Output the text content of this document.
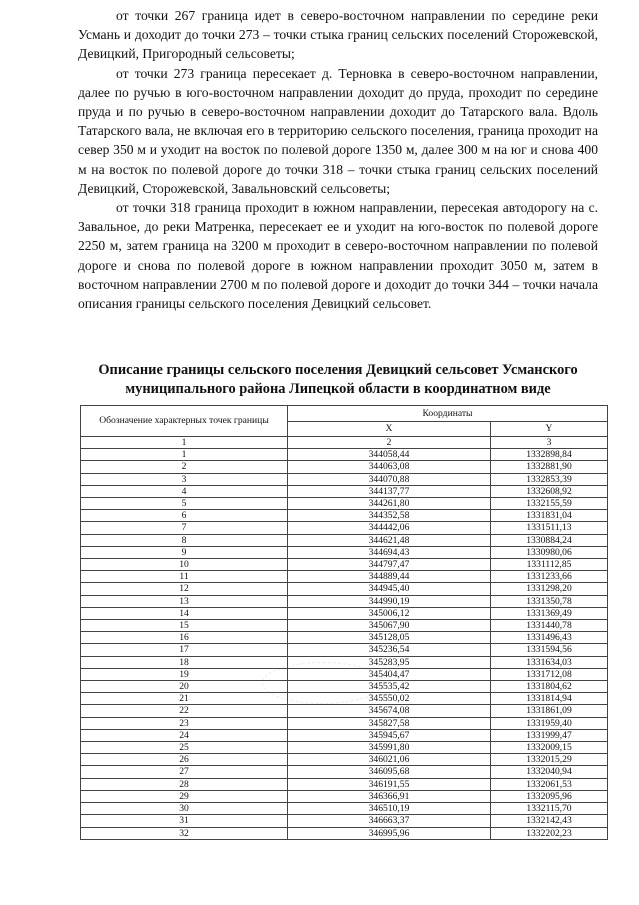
от точки 267 граница идет в северо-восточном направлении по середине реки Усмань и доходит до точки 273 – точки стыка границ сельских поселений Сторожевской, Девицкий, Пригородный сельсоветы;

от точки 273 граница пересекает д. Терновка в северо-восточном направлении, далее по ручью в юго-восточном направлении доходит до пруда, проходит по середине пруда и по ручью в северо-восточном направлении доходит до Татарского вала. Вдоль Татарского вала, не включая его в территорию сельского поселения, граница проходит на север 350 м и уходит на восток по полевой дороге 1350 м, далее 300 м на юг и снова 400 м на восток по полевой дороге до точки 318 – точки стыка границ сельских поселений Девицкий, Сторожевской, Завальновский сельсоветы;

от точки 318 граница проходит в южном направлении, пересекая автодорогу на с. Завальное, до реки Матренка, пересекает ее и уходит на юго-восток по полевой дороге 2250 м, затем граница на 3200 м проходит в северо-восточном направлении по полевой дороге и снова по полевой дороге в южном направлении проходит 3050 м, затем в восточном направлении 2700 м по полевой дороге и доходит до точки 344 – точки начала описания границы сельского поселения Девицкий сельсовет.

Описание границы сельского поселения Девицкий сельсовет Усманского
муниципального района Липецкой области в координатном виде
Обозначение характерных точек границы	Координаты	
	X	Y
1	2	3
1	344058,44	1332898,84
2	344063,08	1332881,90
3	344070,88	1332853,39
4	344137,77	1332608,92
5	344261,80	1332155,59
6	344352,58	1331831,04
7	344442,06	1331511,13
8	344621,48	1330884,24
9	344694,43	1330980,06
10	344797,47	1331112,85
11	344889,44	1331233,66
12	344945,40	1331298,20
13	344990,19	1331350,78
14	345006,12	1331369,49
15	345067,90	1331440,78
16	345128,05	1331496,43
17	345236,54	1331594,56
18	345283,95	1331634,03
19	345404,47	1331712,08
20	345535,42	1331804,62
21	345550,02	1331814,94
22	345674,08	1331861,09
23	345827,58	1331959,40
24	345945,67	1331999,47
25	345991,80	1332009,15
26	346021,06	1332015,29
27	346095,68	1332040,94
28	346191,55	1332061,53
29	346366,91	1332095,96
30	346510,19	1332115,70
31	346663,37	1332142,43
32	346995,96	1332202,23
